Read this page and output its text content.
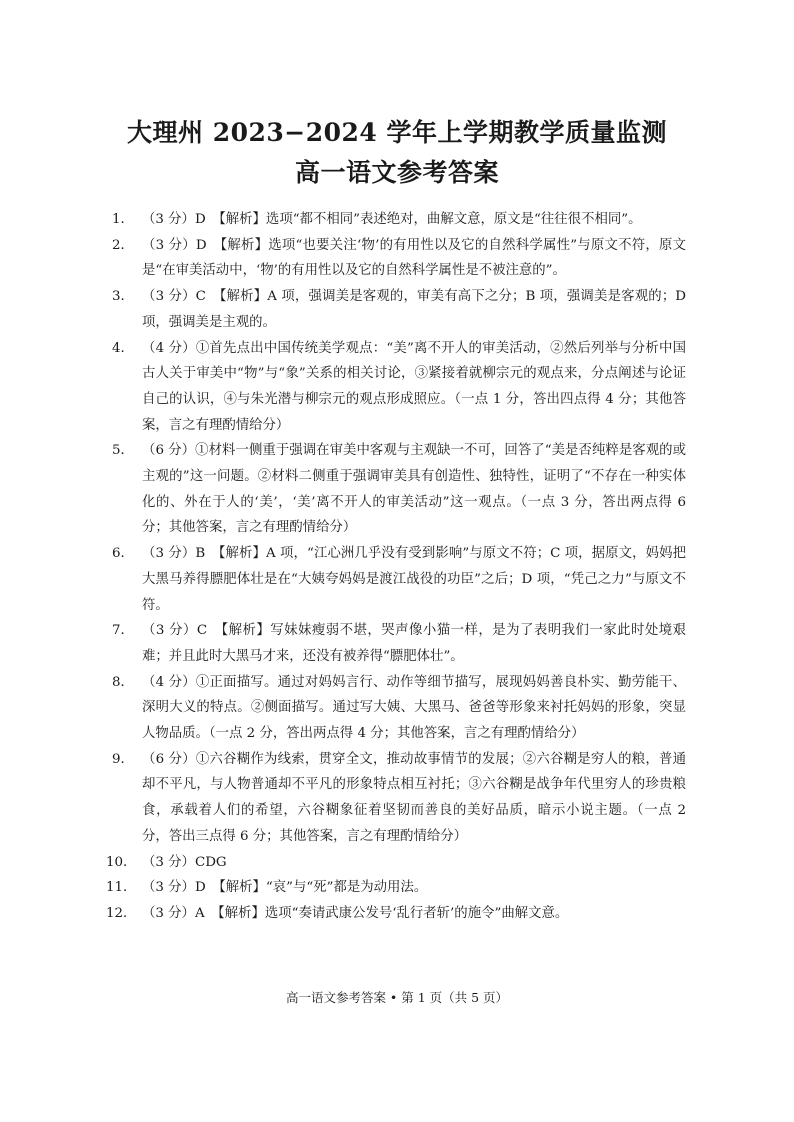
大理州 2023−2024 学年上学期教学质量监测
高一语文参考答案
1． （3 分）D　【解析】选项“都不相同”表述绝对，曲解文意，原文是“往往很不相同”。
2． （3 分）D　【解析】选项“也要关注‘物’的有用性以及它的自然科学属性”与原文不符，原文是“在审美活动中，‘物’的有用性以及它的自然科学属性是不被注意的”。
3． （3 分）C　【解析】A 项，强调美是客观的，审美有高下之分；B 项，强调美是客观的；D 项，强调美是主观的。
4． （4 分）①首先点出中国传统美学观点：“美”离不开人的审美活动，②然后列举与分析中国古人关于审美中“物”与“象”关系的相关讨论，③紧接着就柳宗元的观点来，分点阐述与论证自己的认识，④与朱光潜与柳宗元的观点形成照应。（一点 1 分，答出四点得 4 分；其他答案，言之有理酌情给分）
5． （6 分）①材料一侧重于强调在审美中客观与主观缺一不可，回答了“美是否纯粹是客观的或主观的”这一问题。②材料二侧重于强调审美具有创造性、独特性，证明了“不存在一种实体化的、外在于人的‘美’，‘美’离不开人的审美活动”这一观点。（一点 3 分，答出两点得 6 分；其他答案，言之有理酌情给分）
6． （3 分）B　【解析】A 项，“江心洲几乎没有受到影响”与原文不符；C 项，据原文，妈妈把大黑马养得膘肥体壮是在“大姨夸妈妈是渡江战役的功臣”之后；D 项，“凭己之力”与原文不符。
7． （3 分）C　【解析】写妹妹瘦弱不堪，哭声像小猫一样，是为了表明我们一家此时处境艰难；并且此时大黑马才来，还没有被养得“膘肥体壮”。
8． （4 分）①正面描写。通过对妈妈言行、动作等细节描写，展现妈妈善良朴实、勤劳能干、深明大义的特点。②侧面描写。通过写大姨、大黑马、爸爸等形象来衬托妈妈的形象，突显人物品质。（一点 2 分，答出两点得 4 分；其他答案，言之有理酌情给分）
9． （6 分）①六谷糊作为线索，贯穿全文，推动故事情节的发展；②六谷糊是穷人的粮，普通却不平凡，与人物普通却不平凡的形象特点相互衬托；③六谷糊是战争年代里穷人的珍贵粮食，承载着人们的希望，六谷糊象征着坚韧而善良的美好品质，暗示小说主题。（一点 2 分，答出三点得 6 分；其他答案，言之有理酌情给分）
10． （3 分）CDG
11． （3 分）D　【解析】“哀”与“死”都是为动用法。
12． （3 分）A　【解析】选项“奏请武康公发号‘乱行者斩’的施令”曲解文意。
高一语文参考答案 • 第 1 页（共 5 页）
